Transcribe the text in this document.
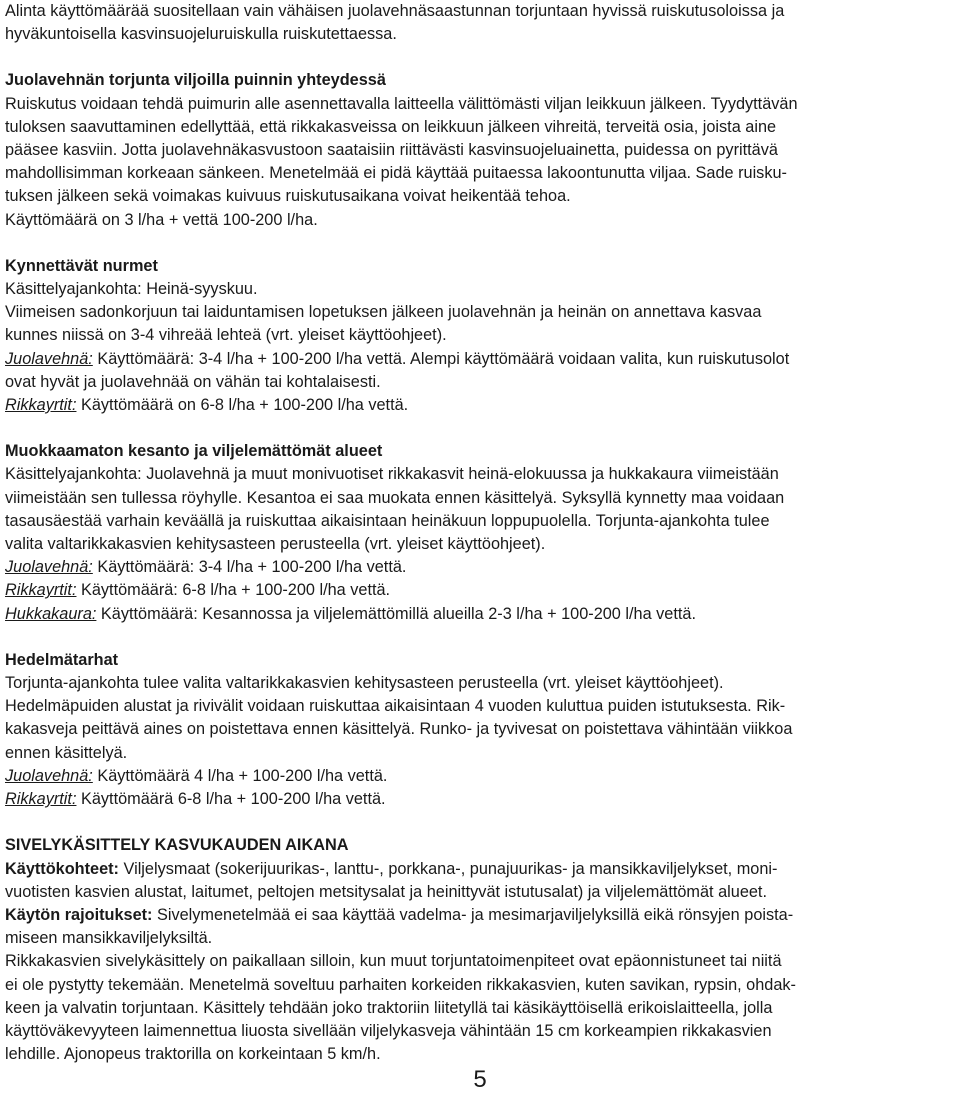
Alinta käyttömäärää suositellaan vain vähäisen juolavehnäsaastunnan torjuntaan hyvissä ruiskutusoloissa ja
hyväkuntoisella kasvinsuojeluruiskulla ruiskutettaessa.
Juolavehnän torjunta viljoilla puinnin yhteydessä
Ruiskutus voidaan tehdä puimurin alle asennettavalla laitteella välittömästi viljan leikkuun jälkeen. Tyydyttävän
tuloksen saavuttaminen edellyttää, että rikkakasveissa on leikkuun jälkeen vihreitä, terveitä osia, joista aine
pääsee kasviin. Jotta juolavehnäkasvustoon saataisiin riittävästi kasvinsuojeluainetta, puidessa on pyrittävä
mahdollisimman korkeaan sänkeen. Menetelmää ei pidä käyttää puitaessa lakoontunutta viljaa. Sade ruisku-
tuksen jälkeen sekä voimakas kuivuus ruiskutusaikana voivat heikentää tehoa.
Käyttömäärä on 3 l/ha + vettä 100-200 l/ha.
Kynnettävät nurmet
Käsittelyajankohta: Heinä-syyskuu.
Viimeisen sadonkorjuun tai laiduntamisen lopetuksen jälkeen juolavehnän ja heinän on annettava kasvaa
kunnes niissä on 3-4 vihreää lehteä (vrt. yleiset käyttöohjeet).
Juolavehnä: Käyttömäärä: 3-4 l/ha + 100-200 l/ha vettä. Alempi käyttömäärä voidaan valita, kun ruiskutusolot
ovat hyvät ja juolavehnää on vähän tai kohtalaisesti.
Rikkayrtit: Käyttömäärä on 6-8 l/ha + 100-200 l/ha vettä.
Muokkaamaton kesanto ja viljelemättömät alueet
Käsittelyajankohta: Juolavehnä ja muut monivuotiset rikkakasvit heinä-elokuussa ja hukkakaura viimeistään
viimeistään sen tullessa röyhylle. Kesantoa ei saa muokata ennen käsittelyä. Syksyllä kynnetty maa voidaan
tasausäestää varhain keväällä ja ruiskuttaa aikaisintaan heinäkuun loppupuolella. Torjunta-ajankohta tulee
valita valtarikkakasvien kehitysasteen perusteella (vrt. yleiset käyttöohjeet).
Juolavehnä: Käyttömäärä: 3-4 l/ha + 100-200 l/ha vettä.
Rikkayrtit: Käyttömäärä: 6-8 l/ha + 100-200 l/ha vettä.
Hukkakaura: Käyttömäärä: Kesannossa ja viljelemättömillä alueilla 2-3 l/ha + 100-200 l/ha vettä.
Hedelmätarhat
Torjunta-ajankohta tulee valita valtarikkakasvien kehitysasteen perusteella (vrt. yleiset käyttöohjeet).
Hedelmäpuiden alustat ja rivivälit voidaan ruiskuttaa aikaisintaan 4 vuoden kuluttua puiden istutuksesta. Rik-
kakasveja peittävä aines on poistettava ennen käsittelyä. Runko- ja tyvivesat on poistettava vähintään viikkoa
ennen käsittelyä.
Juolavehnä: Käyttömäärä 4 l/ha + 100-200 l/ha vettä.
Rikkayrtit: Käyttömäärä 6-8 l/ha + 100-200 l/ha vettä.
SIVELYKÄSITTELY KASVUKAUDEN AIKANA
Käyttökohteet: Viljelysmaat (sokerijuurikas-, lanttu-, porkkana-, punajuurikas- ja mansikkaviljelykset, moni-
vuotisten kasvien alustat, laitumet, peltojen metsitysalat ja heinittyvät istutusalat) ja viljelemättömät alueet.
Käytön rajoitukset: Sivelymenetelmää ei saa käyttää vadelma- ja mesimarjaviljelyksillä eikä rönsyjen poista-
miseen mansikkaviljelyksiltä.
Rikkakasvien sivelykäsittely on paikallaan silloin, kun muut torjuntatoimenpiteet ovat epäonnistuneet tai niitä
ei ole pystytty tekemään. Menetelmä soveltuu parhaiten korkeiden rikkakasvien, kuten savikan, rypsin, ohdak-
keen ja valvatin torjuntaan. Käsittely tehdään joko traktoriin liitetyllä tai käsikäyttöisellä erikoislaitteella, jolla
käyttöväkevyyteen laimennettua liuosta sivellään viljelykasveja vähintään 15 cm korkeampien rikkakasvien
lehdille. Ajonopeus traktorilla on korkeintaan 5 km/h.
5
